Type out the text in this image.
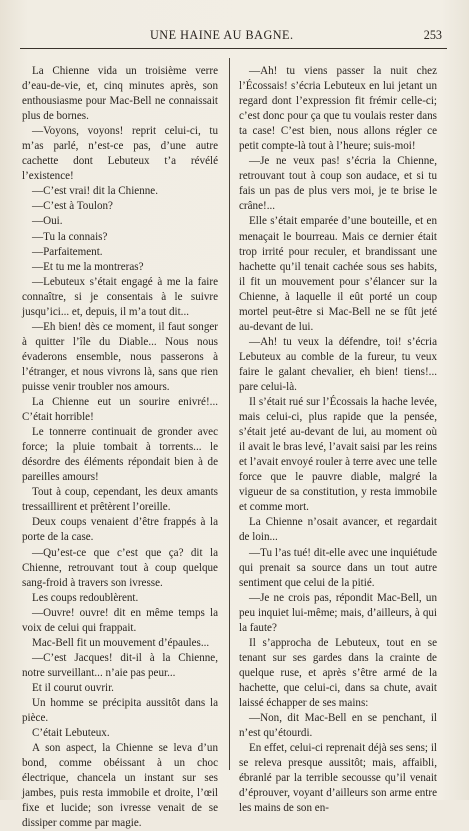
UNE HAINE AU BAGNE.	253

La Chienne vida un troisième verre d’eau-de-vie, et, cinq minutes après, son enthousiasme pour Mac-Bell ne connaissait plus de bornes.

—Voyons, voyons! reprit celui-ci, tu m’as parlé, n’est-ce pas, d’une autre cachette dont Lebuteux t’a révélé l’existence!

—C’est vrai! dit la Chienne.

—C’est à Toulon?

—Oui.

—Tu la connais?

—Parfaitement.

—Et tu me la montreras?

—Lebuteux s’était engagé à me la faire connaître, si je consentais à le suivre jusqu’ici... et, depuis, il m’a tout dit...

—Eh bien! dès ce moment, il faut songer à quitter l’île du Diable... Nous nous évaderons ensemble, nous passerons à l’étranger, et nous vivrons là, sans que rien puisse venir troubler nos amours.

La Chienne eut un sourire enivré!... C’était horrible!

Le tonnerre continuait de gronder avec force; la pluie tombait à torrents... le désordre des éléments répondait bien à de pareilles amours!

Tout à coup, cependant, les deux amants tressaillirent et prêtèrent l’oreille.

Deux coups venaient d’être frappés à la porte de la case.

—Qu’est-ce que c’est que ça? dit la Chienne, retrouvant tout à coup quelque sang-froid à travers son ivresse.

Les coups redoublèrent.

—Ouvre! ouvre! dit en même temps la voix de celui qui frappait.

Mac-Bell fit un mouvement d’épaules...

—C’est Jacques! dit-il à la Chienne, notre surveillant... n’aie pas peur...

Et il courut ouvrir.

Un homme se précipita aussitôt dans la pièce.

C’était Lebuteux.

A son aspect, la Chienne se leva d’un bond, comme obéissant à un choc électrique, chancela un instant sur ses jambes, puis resta immobile et droite, l’œil fixe et lucide; son ivresse venait de se dissiper comme par magie.

—Ah! tu viens passer la nuit chez l’Écossais! s’écria Lebuteux en lui jetant un regard dont l’expression fit frémir celle-ci; c’est donc pour ça que tu voulais rester dans ta case! C’est bien, nous allons régler ce petit compte-là tout à l’heure; suis-moi!

—Je ne veux pas! s’écria la Chienne, retrouvant tout à coup son audace, et si tu fais un pas de plus vers moi, je te brise le crâne!...

Elle s’était emparée d’une bouteille, et en menaçait le bourreau. Mais ce dernier était trop irrité pour reculer, et brandissant une hachette qu’il tenait cachée sous ses habits, il fit un mouvement pour s’élancer sur la Chienne, à laquelle il eût porté un coup mortel peut-être si Mac-Bell ne se fût jeté au-devant de lui.

—Ah! tu veux la défendre, toi! s’écria Lebuteux au comble de la fureur, tu veux faire le galant chevalier, eh bien! tiens!... pare celui-là.

Il s’était rué sur l’Écossais la hache levée, mais celui-ci, plus rapide que la pensée, s’était jeté au-devant de lui, au moment où il avait le bras levé, l’avait saisi par les reins et l’avait envoyé rouler à terre avec une telle force que le pauvre diable, malgré la vigueur de sa constitution, y resta immobile et comme mort.

La Chienne n’osait avancer, et regardait de loin...

—Tu l’as tué! dit-elle avec une inquiétude qui prenait sa source dans un tout autre sentiment que celui de la pitié.

—Je ne crois pas, répondit Mac-Bell, un peu inquiet lui-même; mais, d’ailleurs, à qui la faute?

Il s’approcha de Lebuteux, tout en se tenant sur ses gardes dans la crainte de quelque ruse, et après s’être armé de la hachette, que celui-ci, dans sa chute, avait laissé échapper de ses mains:

—Non, dit Mac-Bell en se penchant, il n’est qu’étourdi.

En effet, celui-ci reprenait déjà ses sens; il se releva presque aussitôt; mais, affaibli, ébranlé par la terrible secousse qu’il venait d’éprouver, voyant d’ailleurs son arme entre les mains de son en-
